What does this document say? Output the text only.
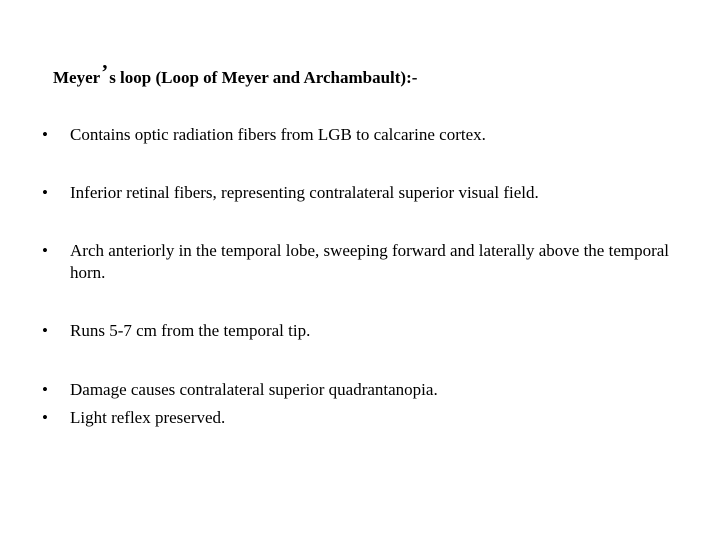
Meyer’s loop (Loop of Meyer and Archambault):-
• Contains optic radiation fibers from LGB to calcarine cortex.
• Inferior retinal fibers, representing contralateral superior visual field.
• Arch anteriorly in the temporal lobe, sweeping forward and laterally above the temporal horn.
• Runs 5-7 cm from the temporal tip.
• Damage causes contralateral superior quadrantanopia.
• Light reflex preserved.
